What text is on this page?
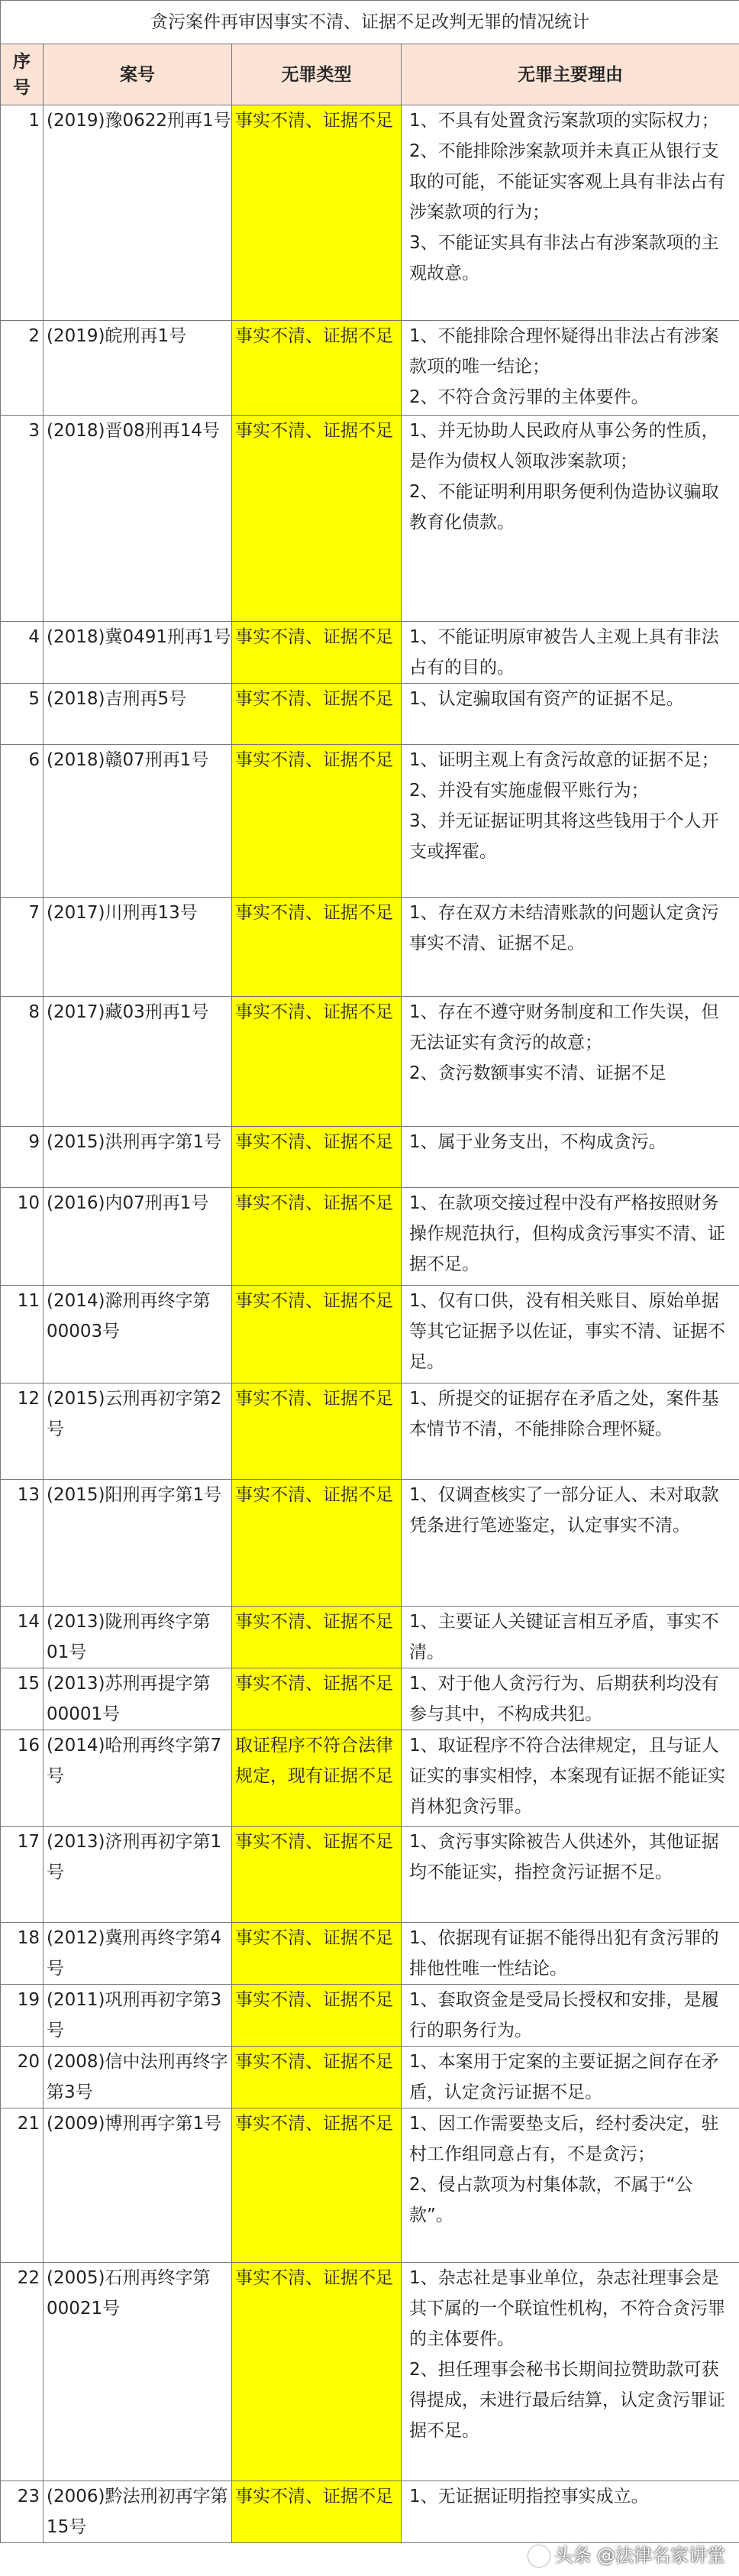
贪污案件再审因事实不清、证据不足改判无罪的情况统计			
序号	案号	无罪类型	无罪主要理由
1	(2019)豫0622刑再1号	事实不清、证据不足	1、不具有处置贪污案款项的实际权力；
2、不能排除涉案款项并未真正从银行支取的可能，不能证实客观上具有非法占有涉案款项的行为；
3、不能证实具有非法占有涉案款项的主观故意。

2	(2019)皖刑再1号	事实不清、证据不足	1、不能排除合理怀疑得出非法占有涉案款项的唯一结论；
2、不符合贪污罪的主体要件。

3	(2018)晋08刑再14号	事实不清、证据不足	1、并无协助人民政府从事公务的性质，是作为债权人领取涉案款项；
2、不能证明利用职务便利伪造协议骗取教育化债款。

4	(2018)冀0491刑再1号	事实不清、证据不足	1、不能证明原审被告人主观上具有非法占有的目的。

5	(2018)吉刑再5号	事实不清、证据不足	1、认定骗取国有资产的证据不足。

6	(2018)赣07刑再1号	事实不清、证据不足	1、证明主观上有贪污故意的证据不足；
2、并没有实施虚假平账行为；
3、并无证据证明其将这些钱用于个人开支或挥霍。

7	(2017)川刑再13号	事实不清、证据不足	1、存在双方未结清账款的问题认定贪污事实不清、证据不足。

8	(2017)藏03刑再1号	事实不清、证据不足	1、存在不遵守财务制度和工作失误，但无法证实有贪污的故意；
2、贪污数额事实不清、证据不足

9	(2015)洪刑再字第1号	事实不清、证据不足	1、属于业务支出，不构成贪污。

10	(2016)内07刑再1号	事实不清、证据不足	1、在款项交接过程中没有严格按照财务操作规范执行，但构成贪污事实不清、证据不足。

11	(2014)滁刑再终字第00003号	事实不清、证据不足	1、仅有口供，没有相关账目、原始单据等其它证据予以佐证，事实不清、证据不足。

12	(2015)云刑再初字第2号	事实不清、证据不足	1、所提交的证据存在矛盾之处，案件基本情节不清，不能排除合理怀疑。

13	(2015)阳刑再字第1号	事实不清、证据不足	1、仅调查核实了一部分证人、未对取款凭条进行笔迹鉴定，认定事实不清。

14	(2013)陇刑再终字第01号	事实不清、证据不足	1、主要证人关键证言相互矛盾，事实不清。

15	(2013)苏刑再提字第00001号	事实不清、证据不足	1、对于他人贪污行为、后期获利均没有参与其中，不构成共犯。

16	(2014)哈刑再终字第7号	取证程序不符合法律规定，现有证据不足	1、取证程序不符合法律规定，且与证人证实的事实相悖，本案现有证据不能证实肖林犯贪污罪。

17	(2013)济刑再初字第1号	事实不清、证据不足	1、贪污事实除被告人供述外，其他证据均不能证实，指控贪污证据不足。

18	(2012)冀刑再终字第4号	事实不清、证据不足	1、依据现有证据不能得出犯有贪污罪的排他性唯一性结论。

19	(2011)巩刑再初字第3号	事实不清、证据不足	1、套取资金是受局长授权和安排，是履行的职务行为。

20	(2008)信中法刑再终字第3号	事实不清、证据不足	1、本案用于定案的主要证据之间存在矛盾，认定贪污证据不足。

21	(2009)博刑再字第1号	事实不清、证据不足	1、因工作需要垫支后，经村委决定，驻村工作组同意占有，不是贪污；
2、侵占款项为村集体款，不属于“公款”。

22	(2005)石刑再终字第00021号	事实不清、证据不足	1、杂志社是事业单位，杂志社理事会是其下属的一个联谊性机构，不符合贪污罪的主体要件。
2、担任理事会秘书长期间拉赞助款可获得提成，未进行最后结算，认定贪污罪证据不足。

23	(2006)黔法刑初再字第15号	事实不清、证据不足	1、无证据证明指控事实成立。
头条 @法律名家讲堂
